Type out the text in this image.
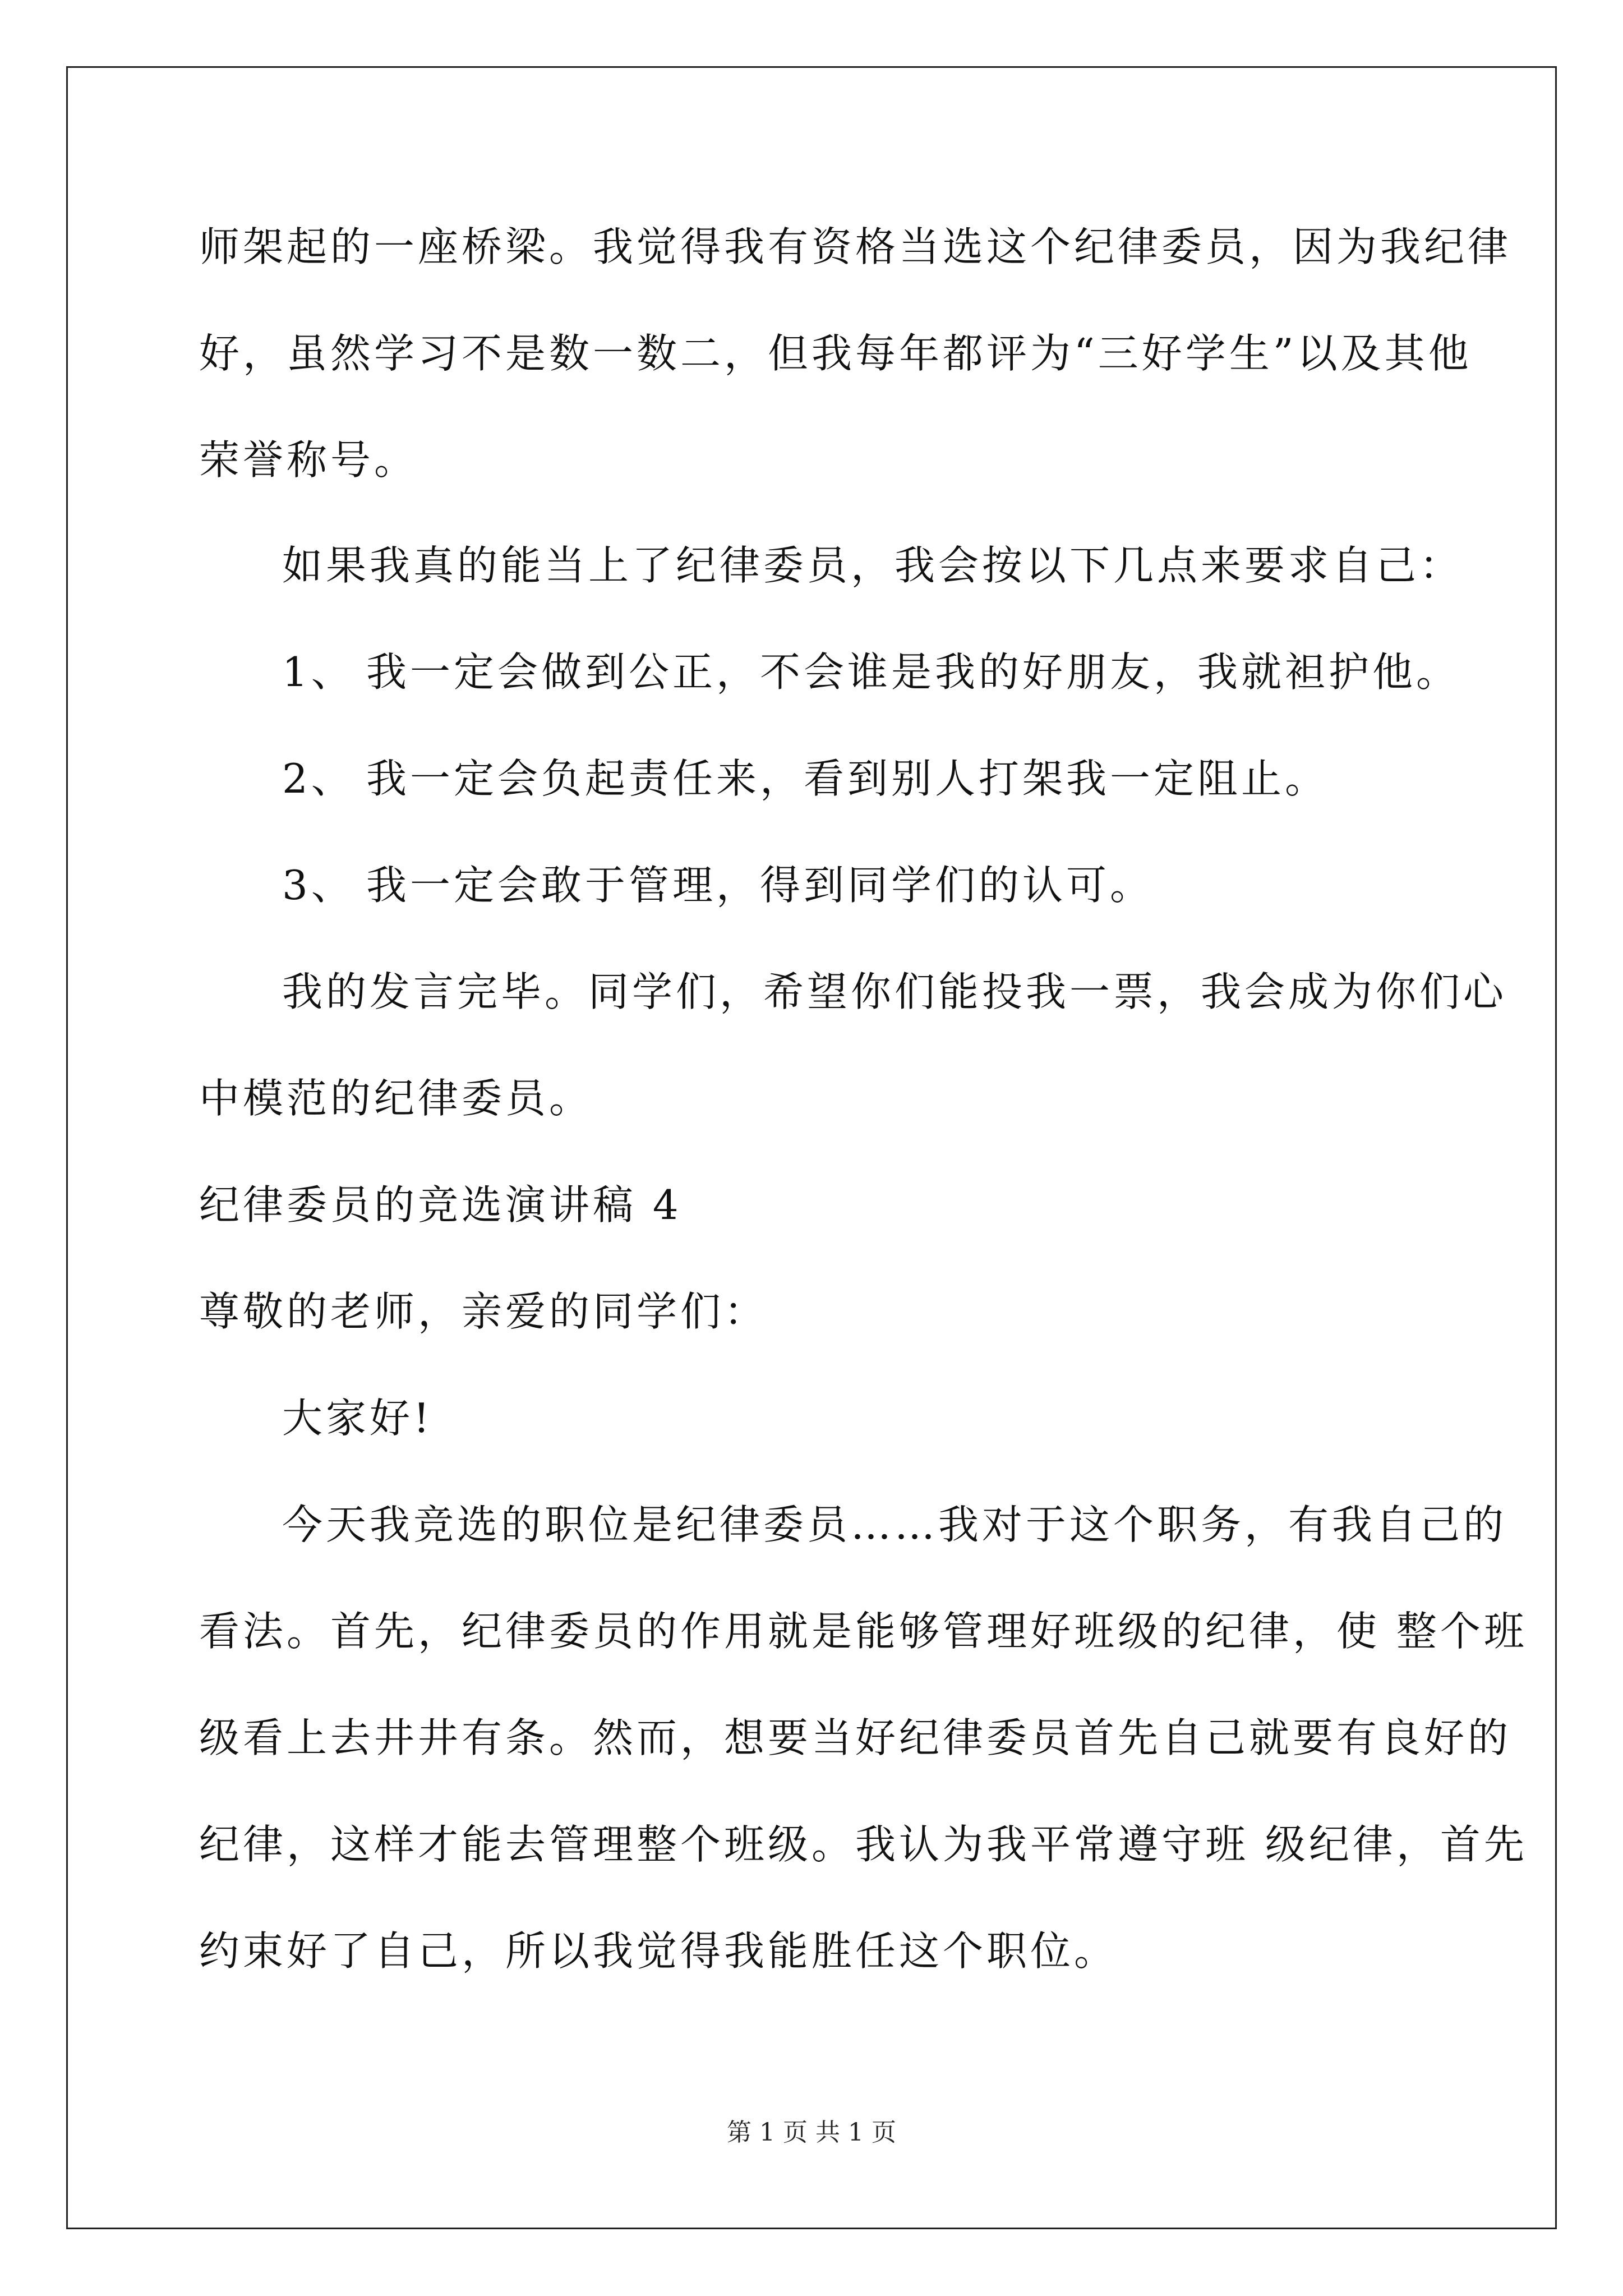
师架起的一座桥梁。我觉得我有资格当选这个纪律委员，因为我纪律
好，虽然学习不是数一数二，但我每年都评为“三好学生”以及其他
荣誉称号。
如果我真的能当上了纪律委员，我会按以下几点来要求自己：
1、 我一定会做到公正，不会谁是我的好朋友，我就袒护他。
2、 我一定会负起责任来，看到别人打架我一定阻止。
3、 我一定会敢于管理，得到同学们的认可。
我的发言完毕。同学们，希望你们能投我一票，我会成为你们心
中模范的纪律委员。
纪律委员的竞选演讲稿 4
尊敬的老师，亲爱的同学们：
大家好!
今天我竞选的职位是纪律委员……我对于这个职务，有我自己的
看法。首先，纪律委员的作用就是能够管理好班级的纪律，使 整个班
级看上去井井有条。然而，想要当好纪律委员首先自己就要有良好的
纪律，这样才能去管理整个班级。我认为我平常遵守班 级纪律，首先
约束好了自己，所以我觉得我能胜任这个职位。
第 1 页 共 1 页
